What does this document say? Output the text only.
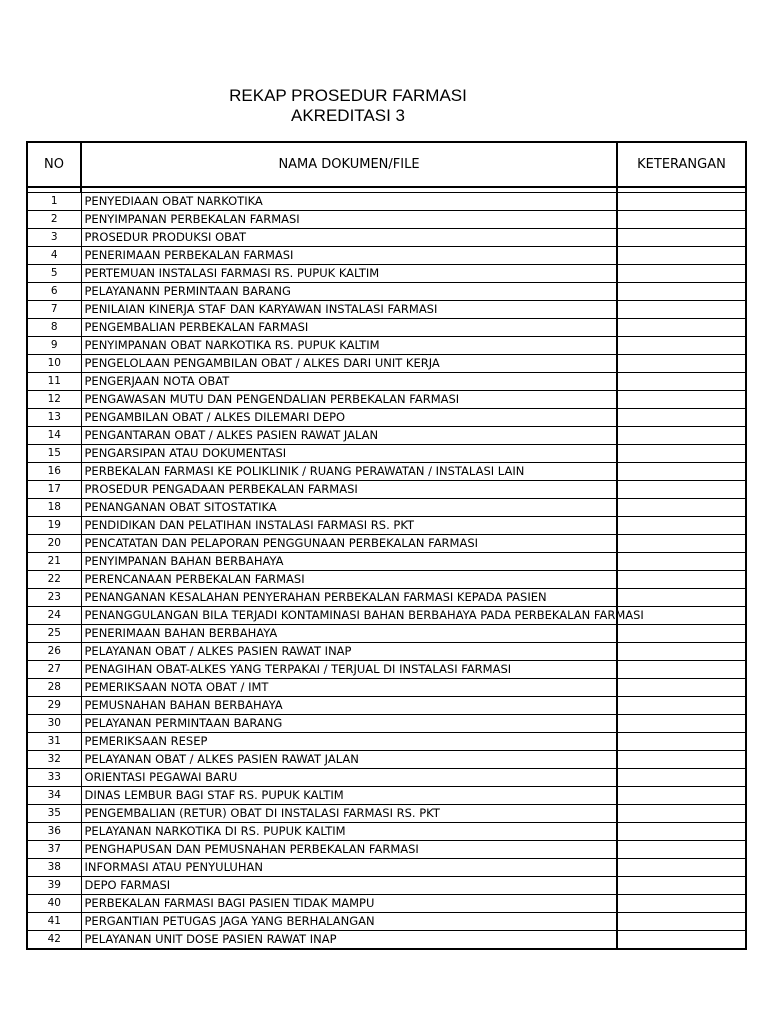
REKAP PROSEDUR FARMASI
AKREDITASI 3
NO	NAMA DOKUMEN/FILE	KETERANGAN

1	PENYEDIAAN OBAT NARKOTIKA	
2	PENYIMPANAN PERBEKALAN FARMASI	
3	PROSEDUR PRODUKSI OBAT	
4	PENERIMAAN PERBEKALAN FARMASI	
5	PERTEMUAN INSTALASI FARMASI RS. PUPUK KALTIM	
6	PELAYANANN PERMINTAAN BARANG	
7	PENILAIAN KINERJA STAF DAN KARYAWAN INSTALASI FARMASI	
8	PENGEMBALIAN PERBEKALAN FARMASI	
9	PENYIMPANAN OBAT NARKOTIKA RS. PUPUK KALTIM	
10	PENGELOLAAN PENGAMBILAN OBAT / ALKES DARI UNIT KERJA	
11	PENGERJAAN NOTA OBAT	
12	PENGAWASAN MUTU DAN PENGENDALIAN PERBEKALAN FARMASI	
13	PENGAMBILAN OBAT / ALKES DILEMARI DEPO	
14	PENGANTARAN OBAT / ALKES PASIEN RAWAT JALAN	
15	PENGARSIPAN ATAU DOKUMENTASI	
16	PERBEKALAN FARMASI KE POLIKLINIK / RUANG PERAWATAN / INSTALASI LAIN	
17	PROSEDUR PENGADAAN PERBEKALAN FARMASI	
18	PENANGANAN OBAT SITOSTATIKA	
19	PENDIDIKAN DAN PELATIHAN INSTALASI FARMASI RS. PKT	
20	PENCATATAN DAN PELAPORAN PENGGUNAAN PERBEKALAN FARMASI	
21	PENYIMPANAN BAHAN BERBAHAYA	
22	PERENCANAAN PERBEKALAN FARMASI	
23	PENANGANAN KESALAHAN PENYERAHAN PERBEKALAN FARMASI KEPADA PASIEN	
24	PENANGGULANGAN BILA TERJADI KONTAMINASI BAHAN BERBAHAYA PADA PERBEKALAN FARMASI	
25	PENERIMAAN BAHAN BERBAHAYA	
26	PELAYANAN OBAT / ALKES PASIEN RAWAT INAP	
27	PENAGIHAN OBAT-ALKES YANG TERPAKAI / TERJUAL DI INSTALASI FARMASI	
28	PEMERIKSAAN NOTA OBAT / IMT	
29	PEMUSNAHAN BAHAN BERBAHAYA	
30	PELAYANAN PERMINTAAN BARANG	
31	PEMERIKSAAN RESEP	
32	PELAYANAN OBAT / ALKES PASIEN RAWAT JALAN	
33	ORIENTASI PEGAWAI BARU	
34	DINAS LEMBUR BAGI STAF RS. PUPUK KALTIM	
35	PENGEMBALIAN (RETUR) OBAT DI INSTALASI FARMASI RS. PKT	
36	PELAYANAN NARKOTIKA DI RS. PUPUK KALTIM	
37	PENGHAPUSAN DAN PEMUSNAHAN PERBEKALAN FARMASI	
38	INFORMASI ATAU PENYULUHAN	
39	DEPO FARMASI	
40	PERBEKALAN FARMASI BAGI PASIEN TIDAK MAMPU	
41	PERGANTIAN PETUGAS JAGA YANG BERHALANGAN	
42	PELAYANAN UNIT DOSE PASIEN RAWAT INAP	
